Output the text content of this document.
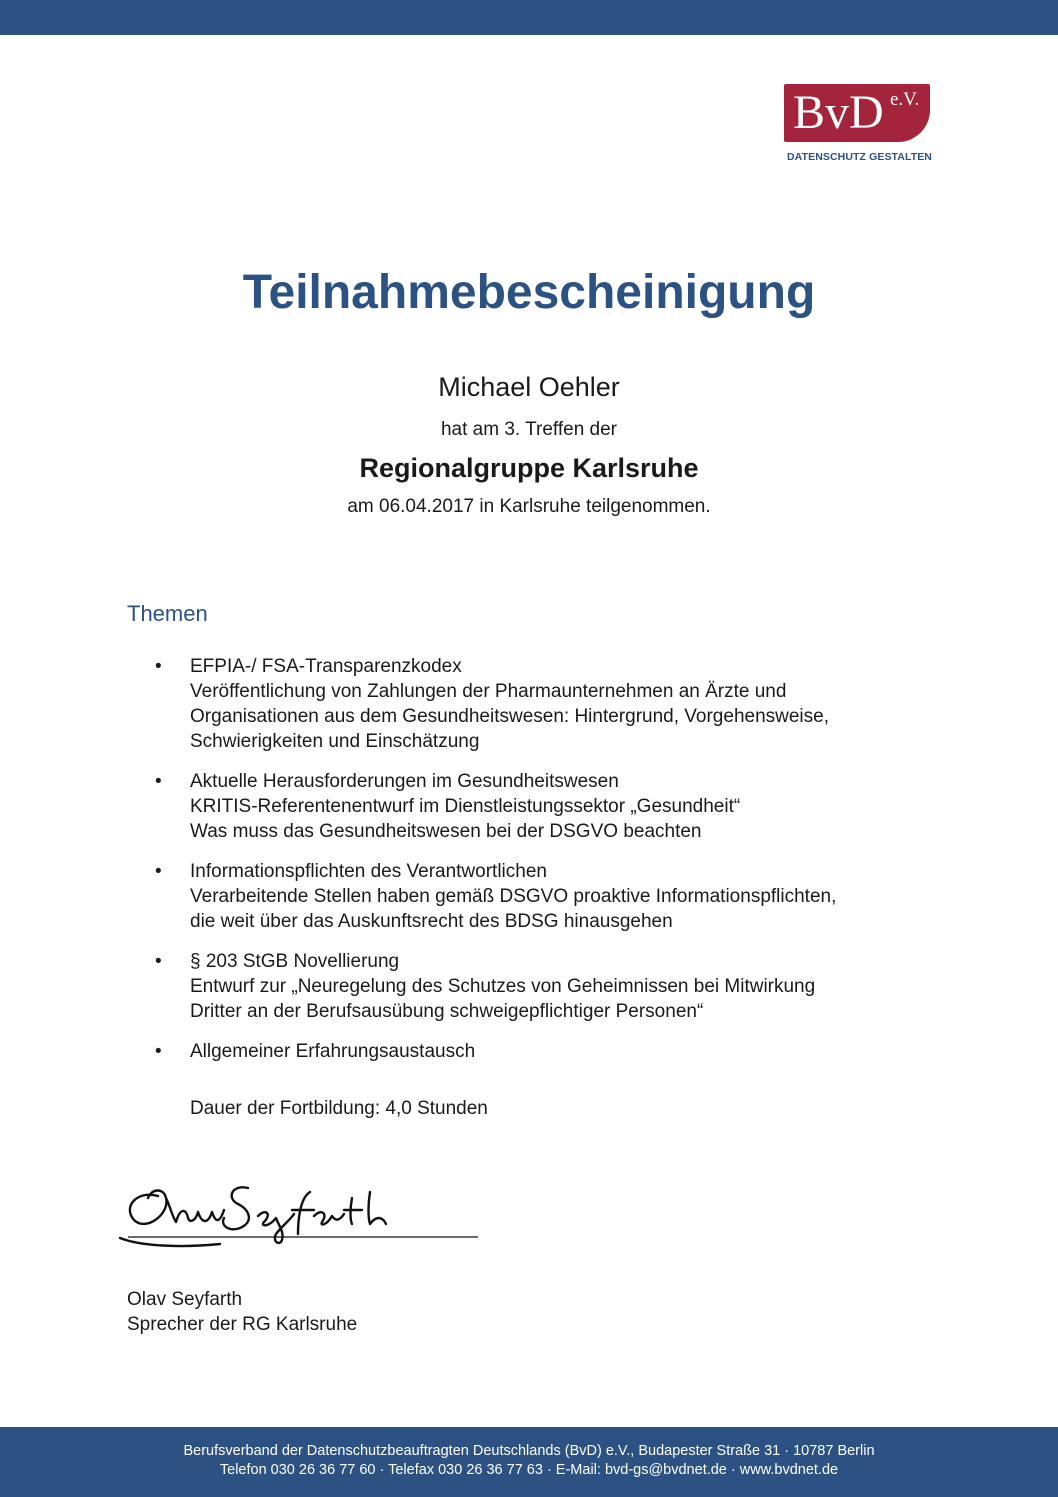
BvD e.V.
DATENSCHUTZ GESTALTEN
Teilnahmebescheinigung
Michael Oehler
hat am 3. Treffen der
Regionalgruppe Karlsruhe
am 06.04.2017 in Karlsruhe teilgenommen.
Themen
• EFPIA-/ FSA-Transparenzkodex
Veröffentlichung von Zahlungen der Pharmaunternehmen an Ärzte und
Organisationen aus dem Gesundheitswesen: Hintergrund, Vorgehensweise,
Schwierigkeiten und Einschätzung
• Aktuelle Herausforderungen im Gesundheitswesen
KRITIS-Referentenentwurf im Dienstleistungssektor „Gesundheit“
Was muss das Gesundheitswesen bei der DSGVO beachten
• Informationspflichten des Verantwortlichen
Verarbeitende Stellen haben gemäß DSGVO proaktive Informationspflichten,
die weit über das Auskunftsrecht des BDSG hinausgehen
• § 203 StGB Novellierung
Entwurf zur „Neuregelung des Schutzes von Geheimnissen bei Mitwirkung
Dritter an der Berufsausübung schweigepflichtiger Personen“
• Allgemeiner Erfahrungsaustausch
Dauer der Fortbildung: 4,0 Stunden
Olav Seyfarth
Sprecher der RG Karlsruhe
Berufsverband der Datenschutzbeauftragten Deutschlands (BvD) e.V., Budapester Straße 31 · 10787 Berlin
Telefon 030 26 36 77 60 · Telefax 030 26 36 77 63 · E-Mail: bvd-gs@bvdnet.de · www.bvdnet.de
